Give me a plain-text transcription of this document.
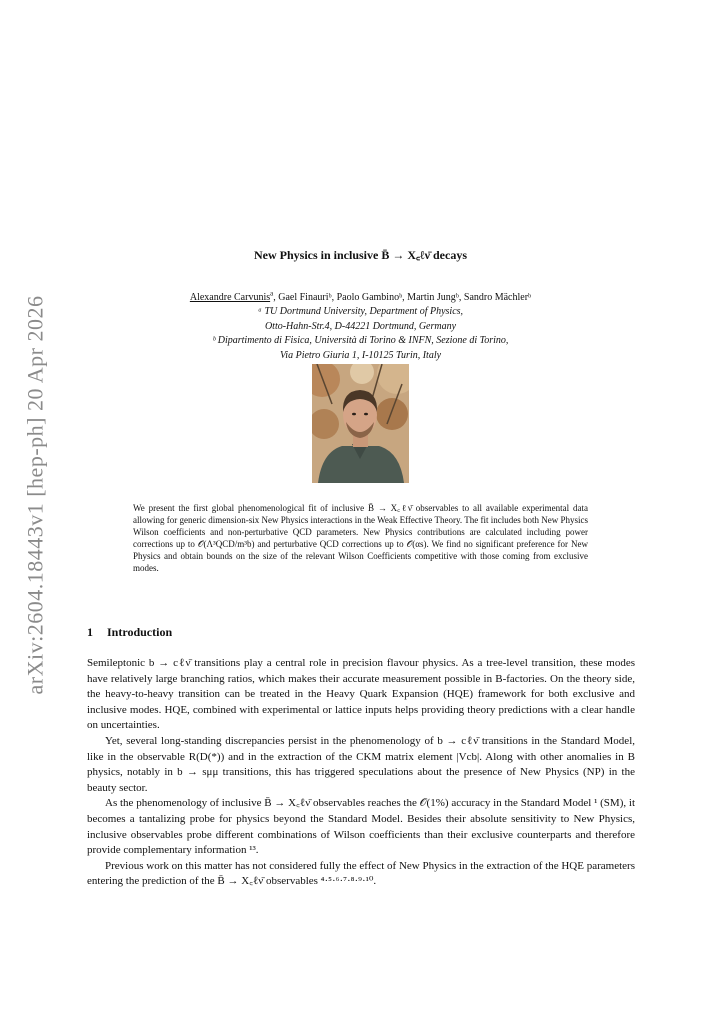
arXiv:2604.18443v1 [hep-ph] 20 Apr 2026
New Physics in inclusive B̄ → X꜀ℓν̄ decays
Alexandre Carvunis$^a$, Gael Finauriᵇ, Paolo Gambinoᵇ, Martin Jungᵇ, Sandro Mächlerᵇ
ᵃ TU Dortmund University, Department of Physics,
Otto-Hahn-Str.4, D-44221 Dortmund, Germany
ᵇ Dipartimento di Fisica, Università di Torino & INFN, Sezione di Torino,
Via Pietro Giuria 1, I-10125 Turin, Italy
We present the first global phenomenological fit of inclusive B̄ → X꜀ℓν̄ observables to all available experimental data allowing for generic dimension-six New Physics interactions in the Weak Effective Theory. The fit includes both New Physics Wilson coefficients and non-perturbative QCD parameters. New Physics contributions are calculated including power corrections up to 𝒪(Λ³QCD/m³b) and perturbative QCD corrections up to 𝒪(αs). We find no significant preference for New Physics and obtain bounds on the size of the relevant Wilson Coefficients competitive with those coming from exclusive modes.
1 Introduction

Semileptonic b → cℓν̄ transitions play a central role in precision flavour physics. As a tree-level transition, these modes have relatively large branching ratios, which makes their accurate measurement possible in B-factories. On the theory side, the heavy-to-heavy transition can be treated in the Heavy Quark Expansion (HQE) framework for both exclusive and inclusive modes. HQE, combined with experimental or lattice inputs helps providing theory predictions with a clear handle on uncertainties.

Yet, several long-standing discrepancies persist in the phenomenology of b → cℓν̄ transitions in the Standard Model, like in the observable R(D(*)) and in the extraction of the CKM matrix element |Vcb|. Along with other anomalies in B physics, notably in b → sμμ transitions, this has triggered speculations about the presence of New Physics (NP) in the beauty sector.

As the phenomenology of inclusive B̄ → X꜀ℓν̄ observables reaches the 𝒪(1%) accuracy in the Standard Model ¹ (SM), it becomes a tantalizing probe for physics beyond the Standard Model. Besides their absolute sensitivity to New Physics, inclusive observables probe different combinations of Wilson coefficients than their exclusive counterparts and therefore provide complementary information ¹³.

Previous work on this matter has not considered fully the effect of New Physics in the extraction of the HQE parameters entering the prediction of the B̄ → X꜀ℓν̄ observables ⁴·⁵·⁶·⁷·⁸·⁹·¹⁰.
